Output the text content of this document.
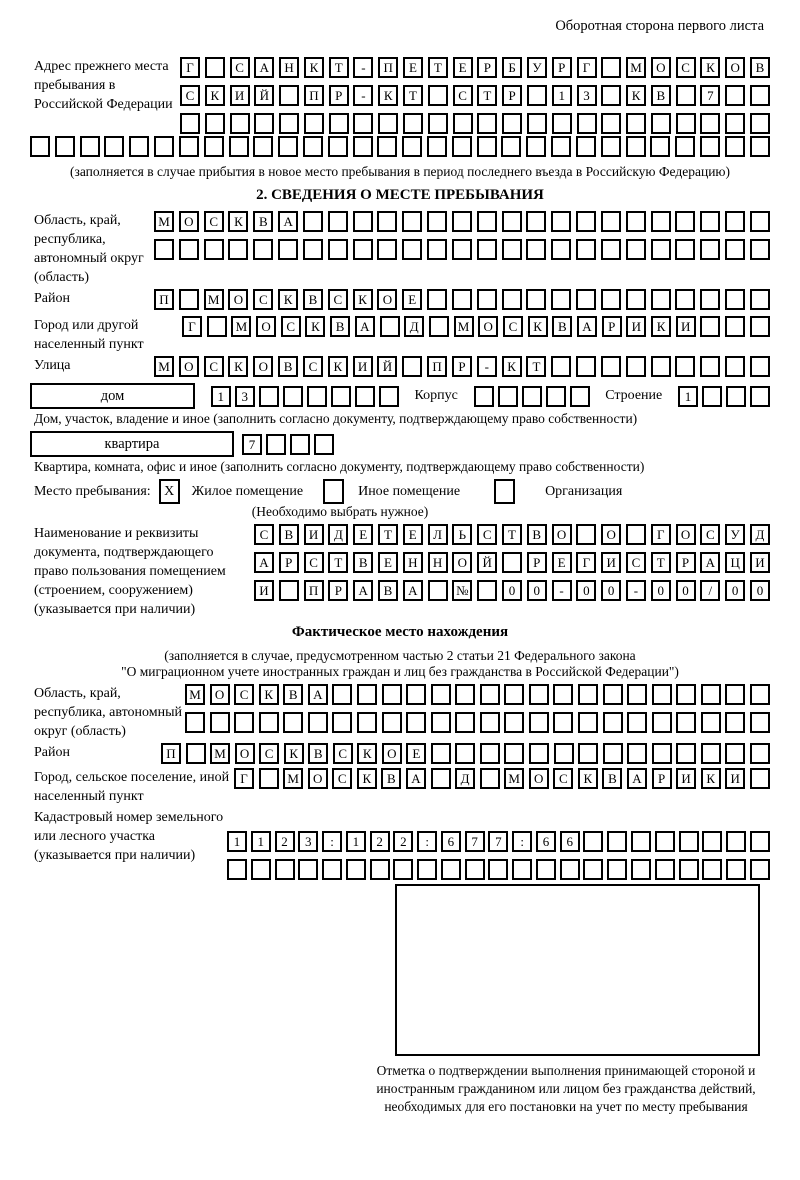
Оборотная сторона первого листа
Адрес прежнего места пребывания в Российской Федерации
Г	С	А	Н	К	Т	-	П	Е	Т	Е	Р	Б	У	Р	Г	М	О	С	К	О	В
С	К	И	Й	П	Р	-	К	Т	С	Т	Р	1	3	К	В	7
(заполняется в случае прибытия в новое место пребывания в период последнего въезда в Российскую Федерацию)
2. СВЕДЕНИЯ О МЕСТЕ ПРЕБЫВАНИЯ
Область, край, республика, автономный округ (область)
М	О	С	К	В	А
Район	П	М	О	С	К	В	С	К	О	Е
Город или другой населенный пункт
Г	М	О	С	К	В	А	Д	М	О	С	К	В	А	Р	И	К	И
Улица	М	О	С	К	О	В	С	К	И	Й	П	Р	-	К	Т
дом	1	3	Корпус	Строение	1
Дом, участок, владение и иное (заполнить согласно документу, подтверждающему право собственности)
квартира	7
Квартира, комната, офис и иное (заполнить согласно документу, подтверждающему право собственности)
Место пребывания: X	Жилое помещение	Иное помещение	Организация
(Необходимо выбрать нужное)
Наименование и реквизиты документа, подтверждающего право пользования помещением (строением, сооружением) (указывается при наличии)
С	В	И	Д	Е	Т	Е	Л	Ь	С	Т	В	О	О	Г	О	С	У	Д
А	Р	С	Т	В	Е	Н	Н	О	Й	Р	Е	Г	И	С	Т	Р	А	Ц	И
И	П	Р	А	В	А	№	0	0	-	0	0	-	0	0	/	0	0
Фактическое место нахождения
(заполняется в случае, предусмотренном частью 2 статьи 21 Федерального закона
"О миграционном учете иностранных граждан и лиц без гражданства в Российской Федерации")
Область, край, республика, автономный округ (область)
М	О	С	К	В	А
Район	П	М	О	С	К	В	С	К	О	Е
Город, сельское поселение, иной населенный пункт
Г	М	О	С	К	В	А	Д	М	О	С	К	В	А	Р	И	К	И
Кадастровый номер земельного или лесного участка (указывается при наличии)
1	1	2	3	:	1	2	2	:	6	7	7	:	6	6
Отметка о подтверждении выполнения принимающей стороной и иностранным гражданином или лицом без гражданства действий, необходимых для его постановки на учет по месту пребывания
